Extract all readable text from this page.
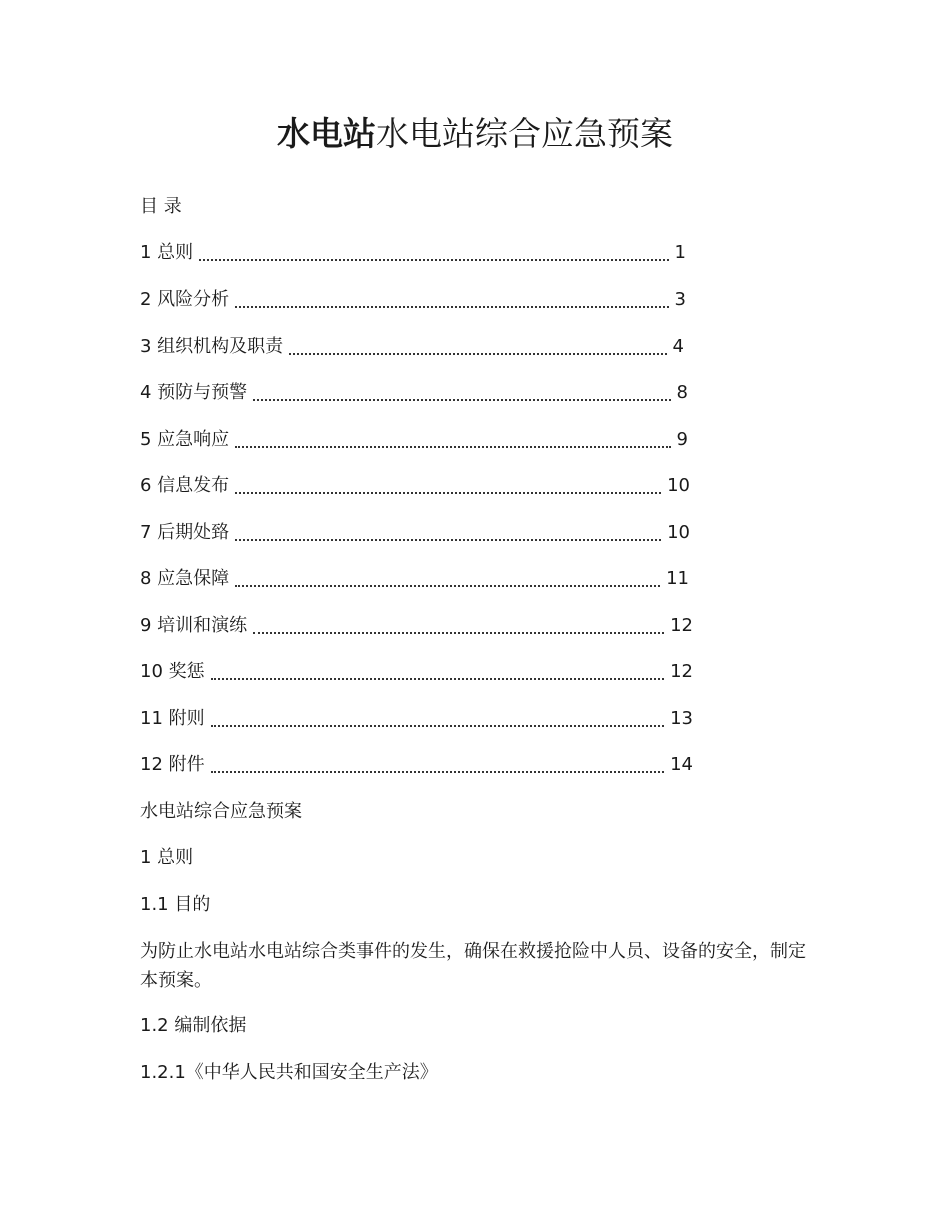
水电站水电站综合应急预案
目 录
1 总则	1
2 风险分析	3
3 组织机构及职责	4
4 预防与预警	8
5 应急响应	9
6 信息发布	10
7 后期处臵	10
8 应急保障	11
9 培训和演练	12
10 奖惩	12
11 附则	13
12 附件	14
水电站综合应急预案
1 总则
1.1 目的
为防止水电站水电站综合类事件的发生，确保在救援抢险中人员、设备的安全，制定本预案。
1.2 编制依据
1.2.1《中华人民共和国安全生产法》
